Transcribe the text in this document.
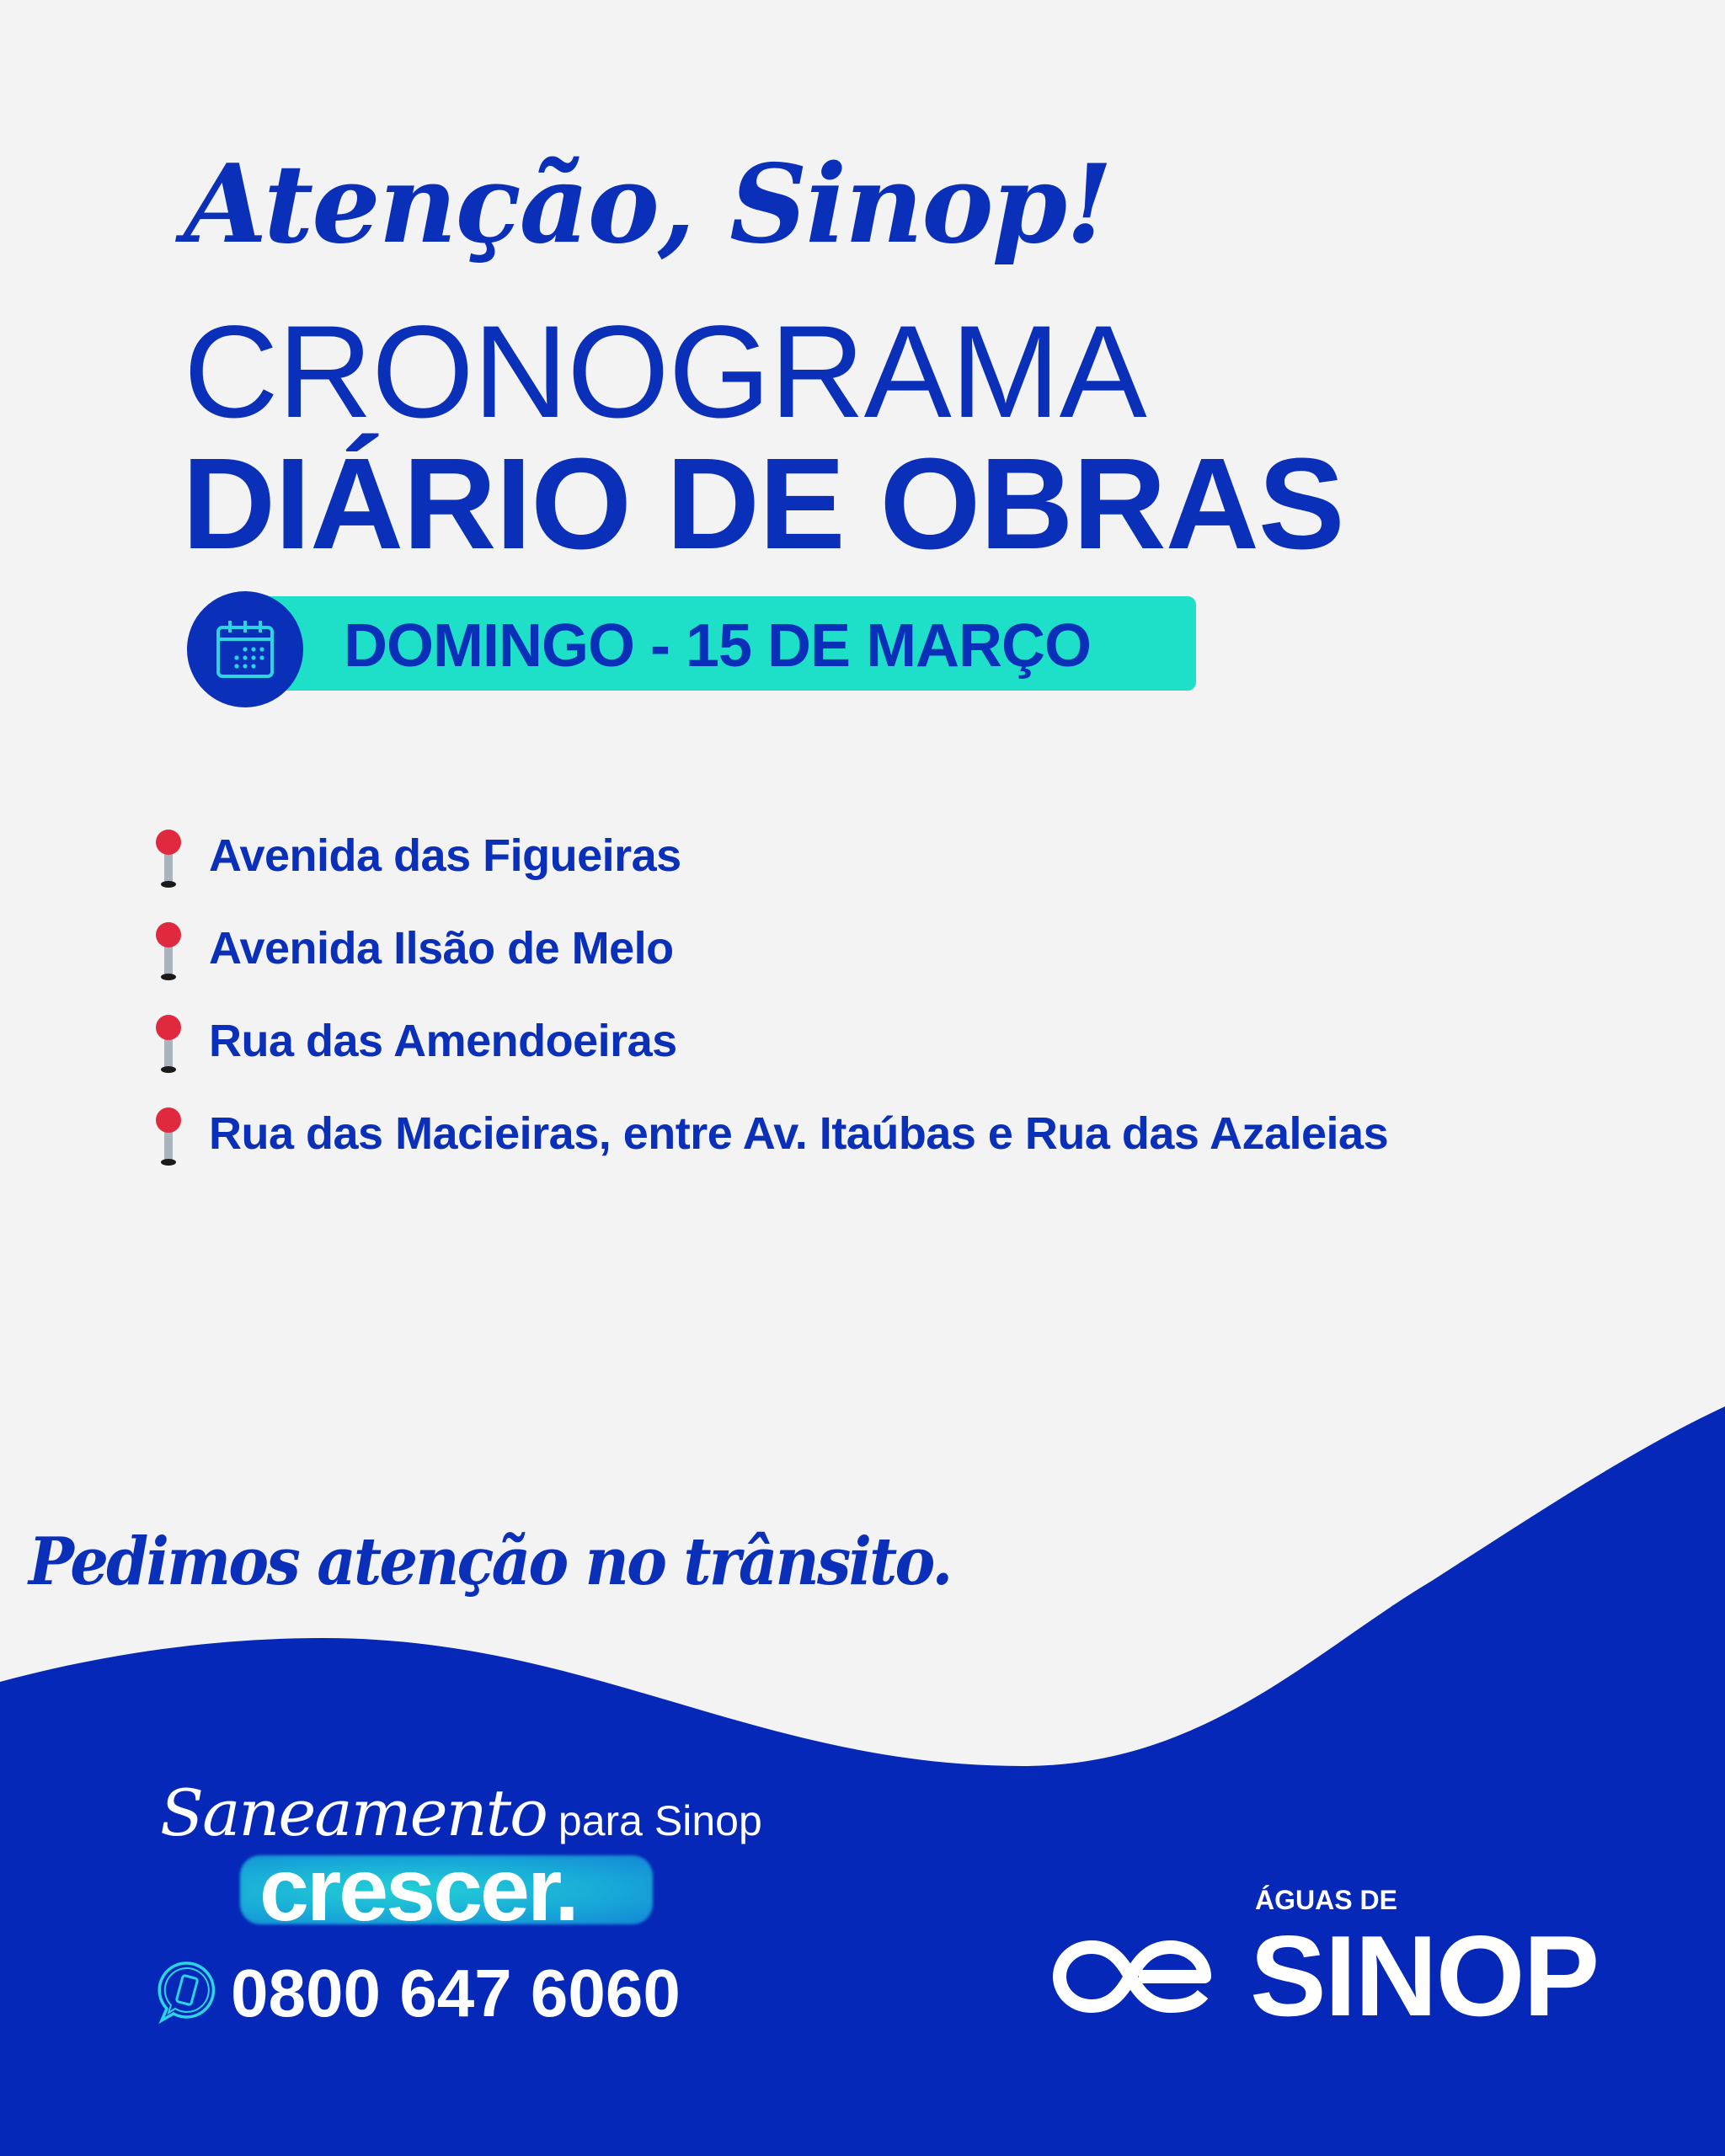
Atenção, Sinop!
CRONOGRAMA
DIÁRIO DE OBRAS
DOMINGO - 15 DE MARÇO
Avenida das Figueiras
Avenida Ilsão de Melo
Rua das Amendoeiras
Rua das Macieiras, entre Av. Itaúbas e Rua das Azaleias
Pedimos atenção no trânsito.
Saneamento para Sinop
crescer.
0800 647 6060
ÁGUAS DE
SINOP
